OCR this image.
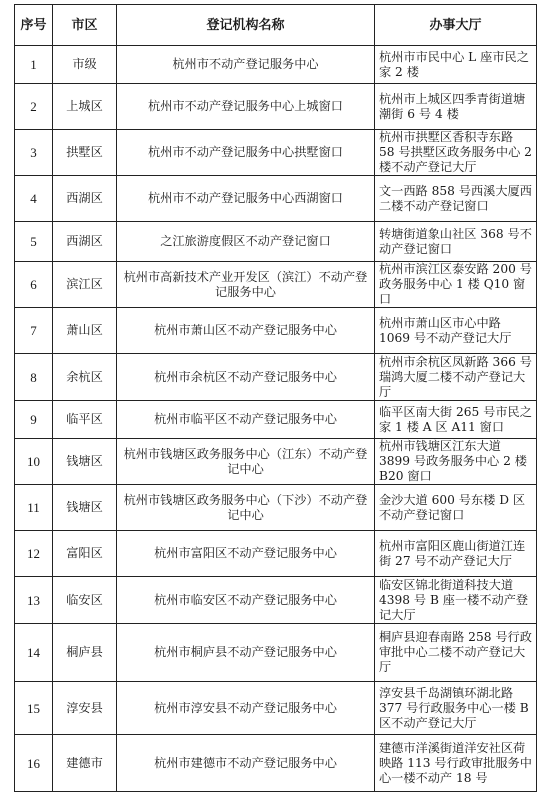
序号	市区	登记机构名称	办事大厅
1	市级	杭州市不动产登记服务中心	杭州市市民中心 L 座市民之家 2 楼
2	上城区	杭州市不动产登记服务中心上城窗口	杭州市上城区四季青街道塘潮街 6 号 4 楼
3	拱墅区	杭州市不动产登记服务中心拱墅窗口	杭州市拱墅区香积寺东路 58 号拱墅区政务服务中心 2 楼不动产登记大厅
4	西湖区	杭州市不动产登记服务中心西湖窗口	文一西路 858 号西溪大厦西二楼不动产登记窗口
5	西湖区	之江旅游度假区不动产登记窗口	转塘街道象山社区 368 号不动产登记窗口
6	滨江区	杭州市高新技术产业开发区（滨江）不动产登记服务中心	杭州市滨江区泰安路 200 号政务服务中心 1 楼 Q10 窗口
7	萧山区	杭州市萧山区不动产登记服务中心	杭州市萧山区市心中路 1069 号不动产登记大厅
8	余杭区	杭州市余杭区不动产登记服务中心	杭州市余杭区凤新路 366 号瑞鸿大厦二楼不动产登记大厅
9	临平区	杭州市临平区不动产登记服务中心	临平区南大街 265 号市民之家 1 楼 A 区 A11 窗口
10	钱塘区	杭州市钱塘区政务服务中心（江东）不动产登记中心	杭州市钱塘区江东大道 3899 号政务服务中心 2 楼 B20 窗口
11	钱塘区	杭州市钱塘区政务服务中心（下沙）不动产登记中心	金沙大道 600 号东楼 D 区不动产登记窗口
12	富阳区	杭州市富阳区不动产登记服务中心	杭州市富阳区鹿山街道江连街 27 号不动产登记大厅
13	临安区	杭州市临安区不动产登记服务中心	临安区锦北街道科技大道 4398 号 B 座一楼不动产登记大厅
14	桐庐县	杭州市桐庐县不动产登记服务中心	桐庐县迎春南路 258 号行政审批中心二楼不动产登记大厅
15	淳安县	杭州市淳安县不动产登记服务中心	淳安县千岛湖镇环湖北路 377 号行政服务中心一楼 B 区不动产登记大厅
16	建德市	杭州市建德市不动产登记服务中心	建德市洋溪街道洋安社区荷映路 113 号行政审批服务中心一楼不动产 18 号
